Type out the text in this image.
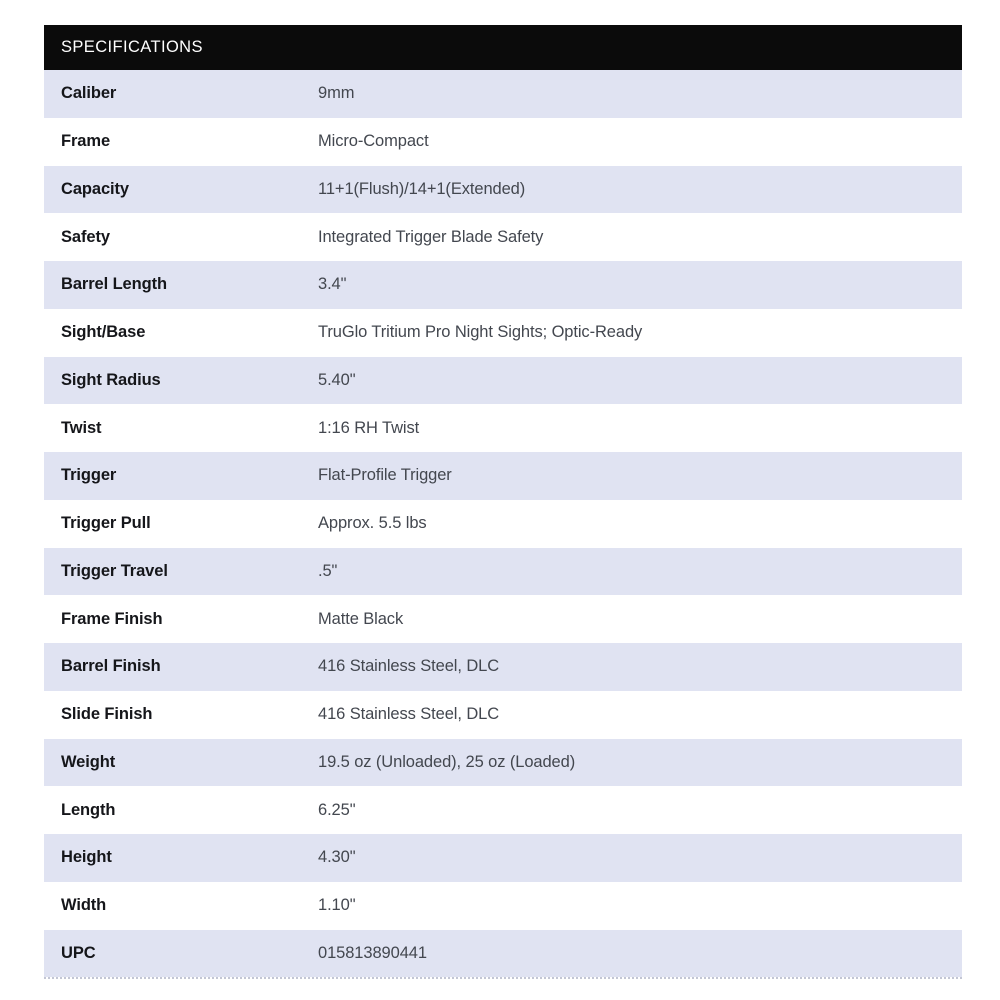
SPECIFICATIONS
Caliber	9mm
Frame	Micro-Compact
Capacity	11+1(Flush)/14+1(Extended)
Safety	Integrated Trigger Blade Safety
Barrel Length	3.4"
Sight/Base	TruGlo Tritium Pro Night Sights; Optic-Ready
Sight Radius	5.40"
Twist	1:16 RH Twist
Trigger	Flat-Profile Trigger
Trigger Pull	Approx. 5.5 lbs
Trigger Travel	.5"
Frame Finish	Matte Black
Barrel Finish	416 Stainless Steel, DLC
Slide Finish	416 Stainless Steel, DLC
Weight	19.5 oz (Unloaded), 25 oz (Loaded)
Length	6.25"
Height	4.30"
Width	1.10"
UPC	015813890441
